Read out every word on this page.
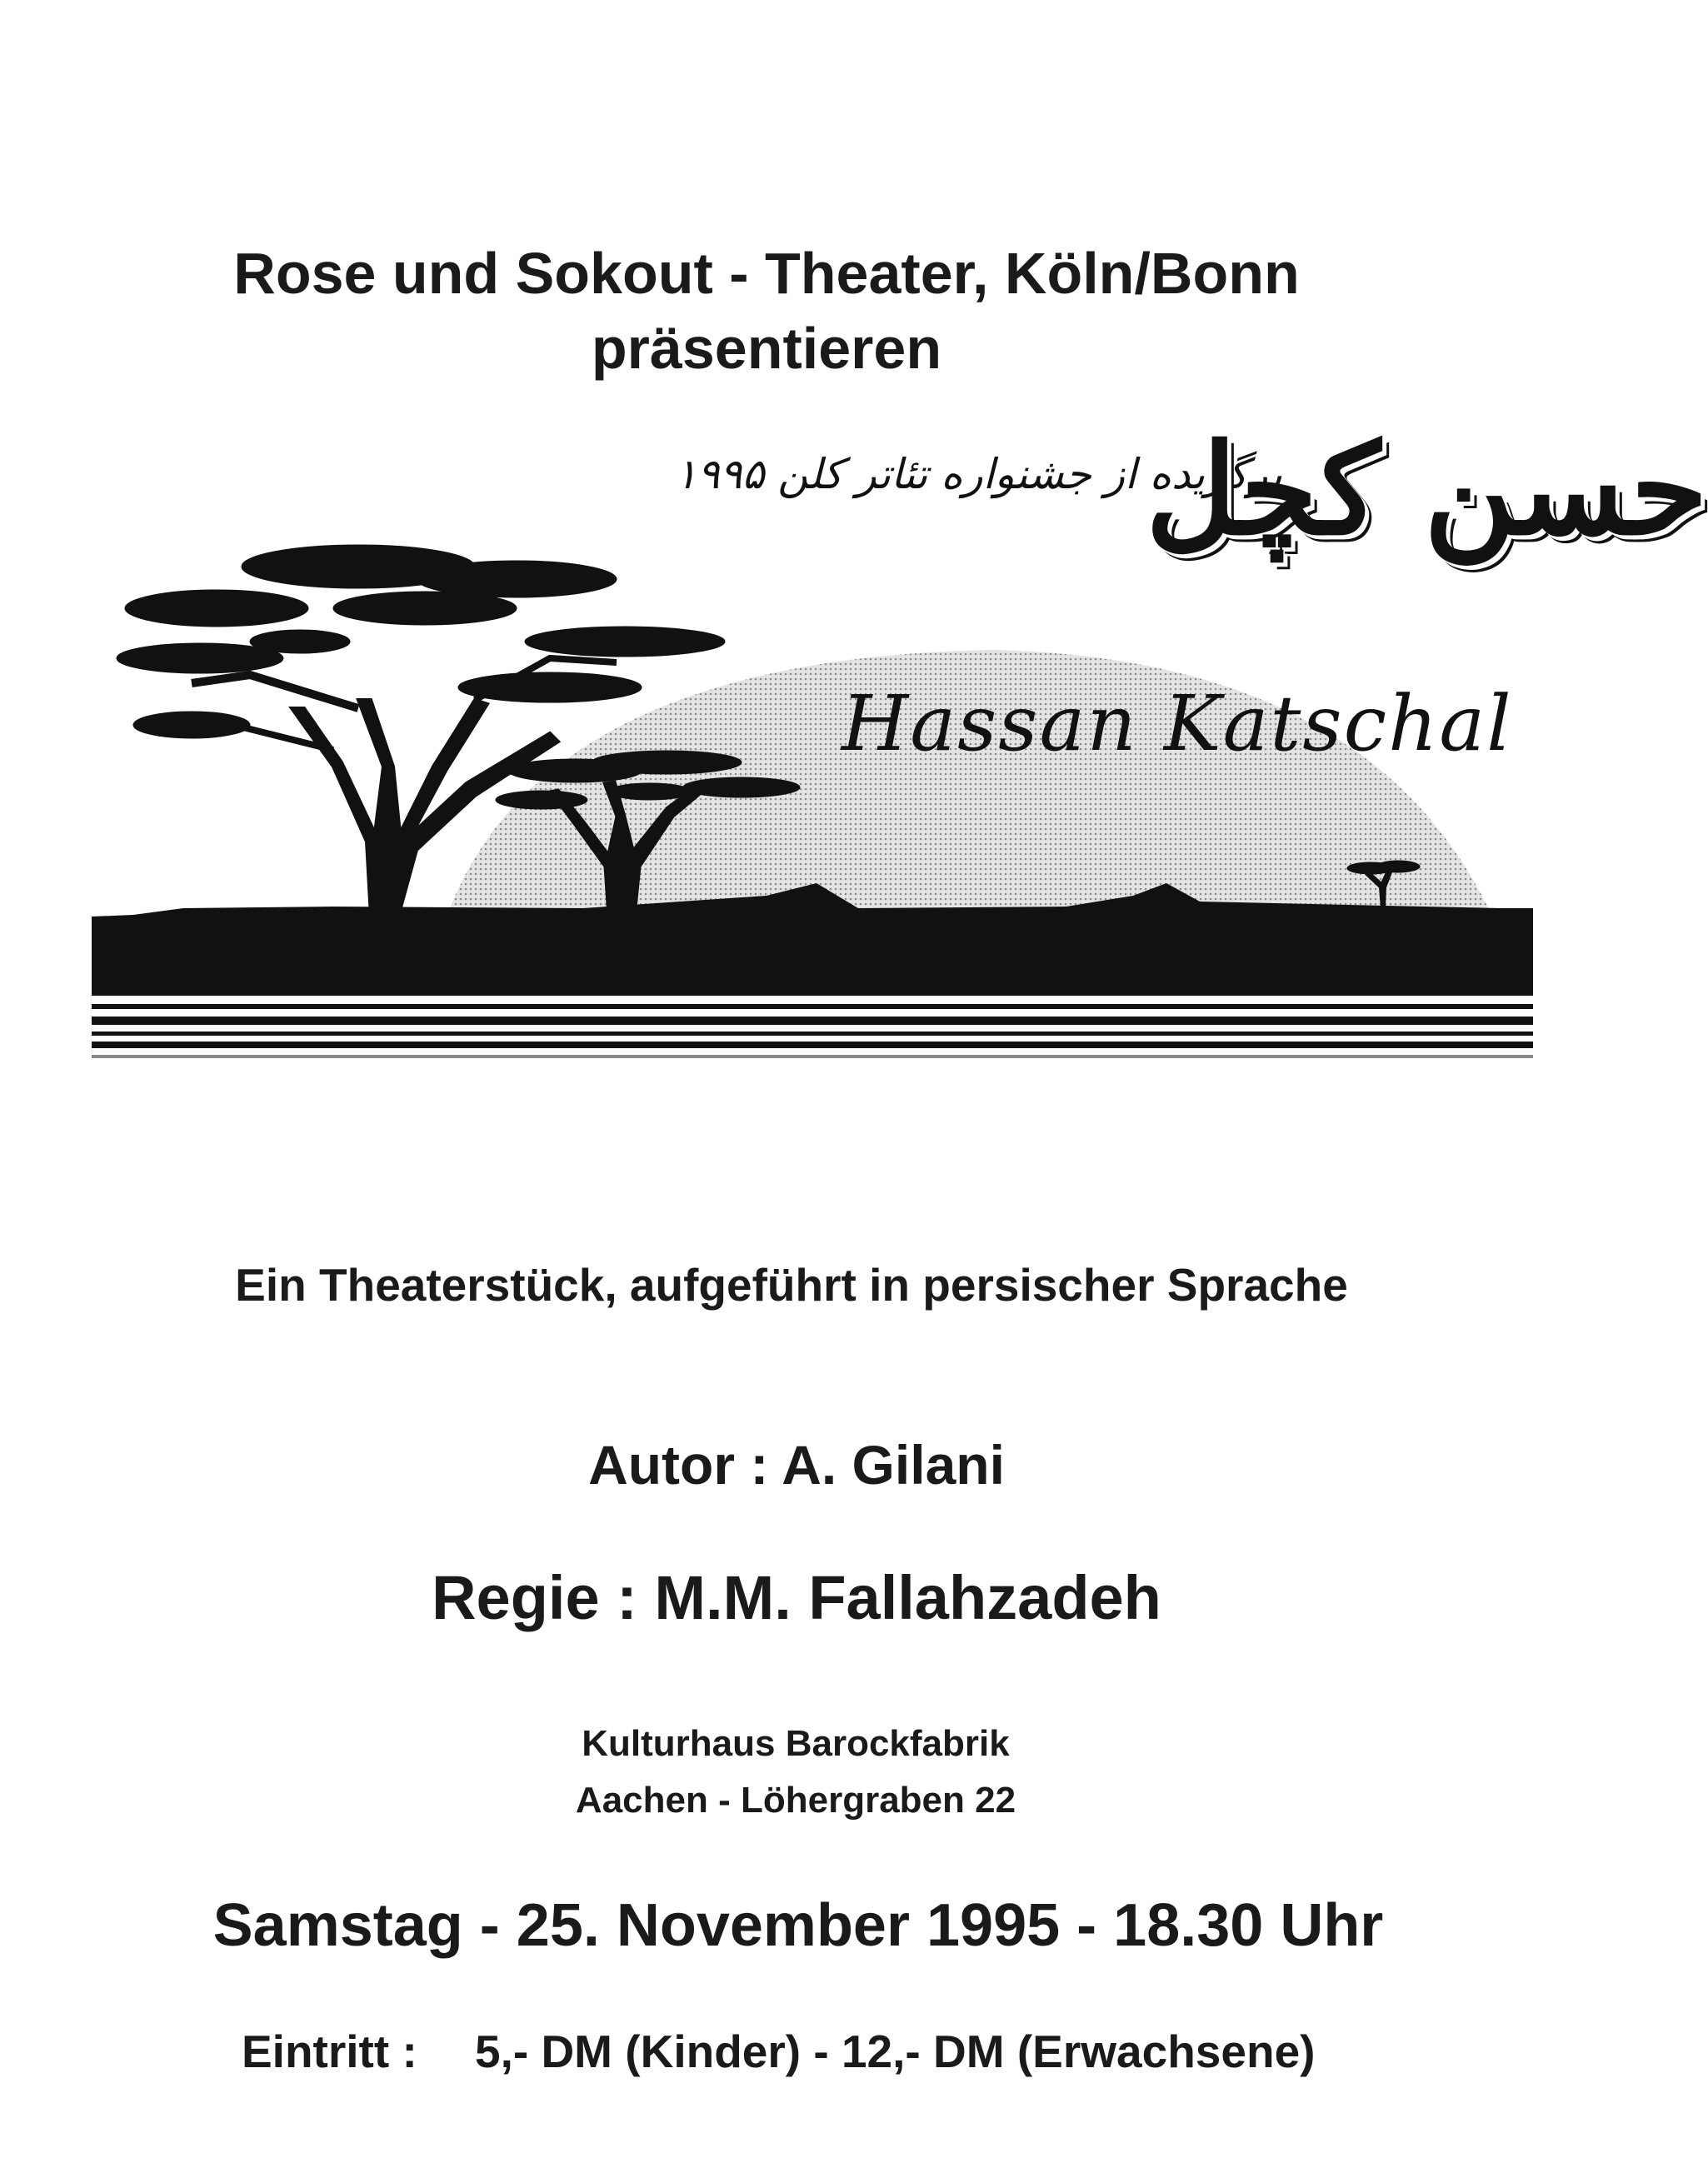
Rose und Sokout - Theater, Köln/Bonn
präsentieren
برگزیده از جشنواره تئاتر کلن ۱۹۹۵
حسن کچل
Hassan Katschal
Ein Theaterstück, aufgeführt in persischer Sprache
Autor : A. Gilani
Regie : M.M. Fallahzadeh
Kulturhaus Barockfabrik
Aachen - Löhergraben 22
Samstag - 25. November 1995 - 18.30 Uhr
Eintritt : 5,- DM (Kinder) - 12,- DM (Erwachsene)
